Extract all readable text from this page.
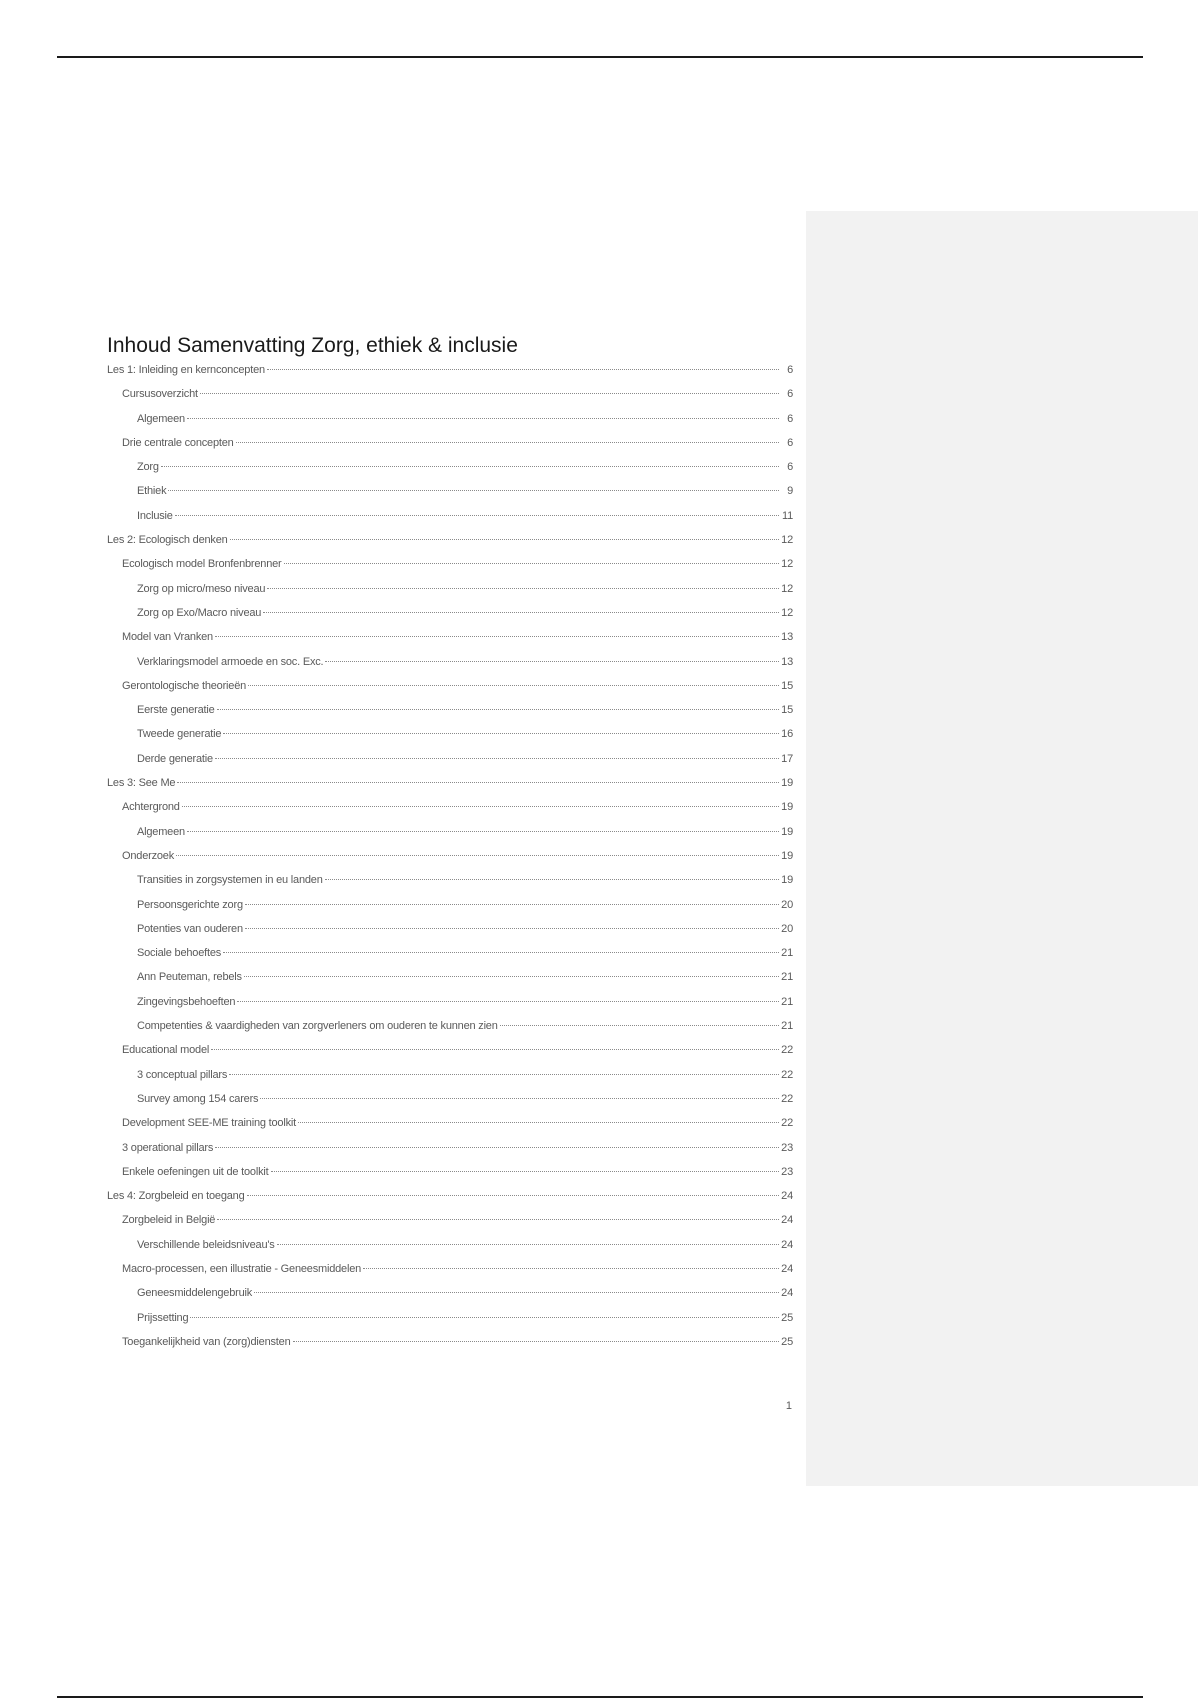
Inhoud Samenvatting Zorg, ethiek & inclusie
Les 1: Inleiding en kernconcepten	6
Cursusoverzicht	6
Algemeen	6
Drie centrale concepten	6
Zorg	6
Ethiek	9
Inclusie	11
Les 2: Ecologisch denken	12
Ecologisch model Bronfenbrenner	12
Zorg op micro/meso niveau	12
Zorg op Exo/Macro niveau	12
Model van Vranken	13
Verklaringsmodel armoede en soc. Exc.	13
Gerontologische theorieën	15
Eerste generatie	15
Tweede generatie	16
Derde generatie	17
Les 3: See Me	19
Achtergrond	19
Algemeen	19
Onderzoek	19
Transities in zorgsystemen in eu landen	19
Persoonsgerichte zorg	20
Potenties van ouderen	20
Sociale behoeftes	21
Ann Peuteman, rebels	21
Zingevingsbehoeften	21
Competenties & vaardigheden van zorgverleners om ouderen te kunnen zien	21
Educational model	22
3 conceptual pillars	22
Survey among 154 carers	22
Development SEE-ME training toolkit	22
3 operational pillars	23
Enkele oefeningen uit de toolkit	23
Les 4: Zorgbeleid en toegang	24
Zorgbeleid in België	24
Verschillende beleidsniveau's	24
Macro-processen, een illustratie - Geneesmiddelen	24
Geneesmiddelengebruik	24
Prijssetting	25
Toegankelijkheid van (zorg)diensten	25
1
